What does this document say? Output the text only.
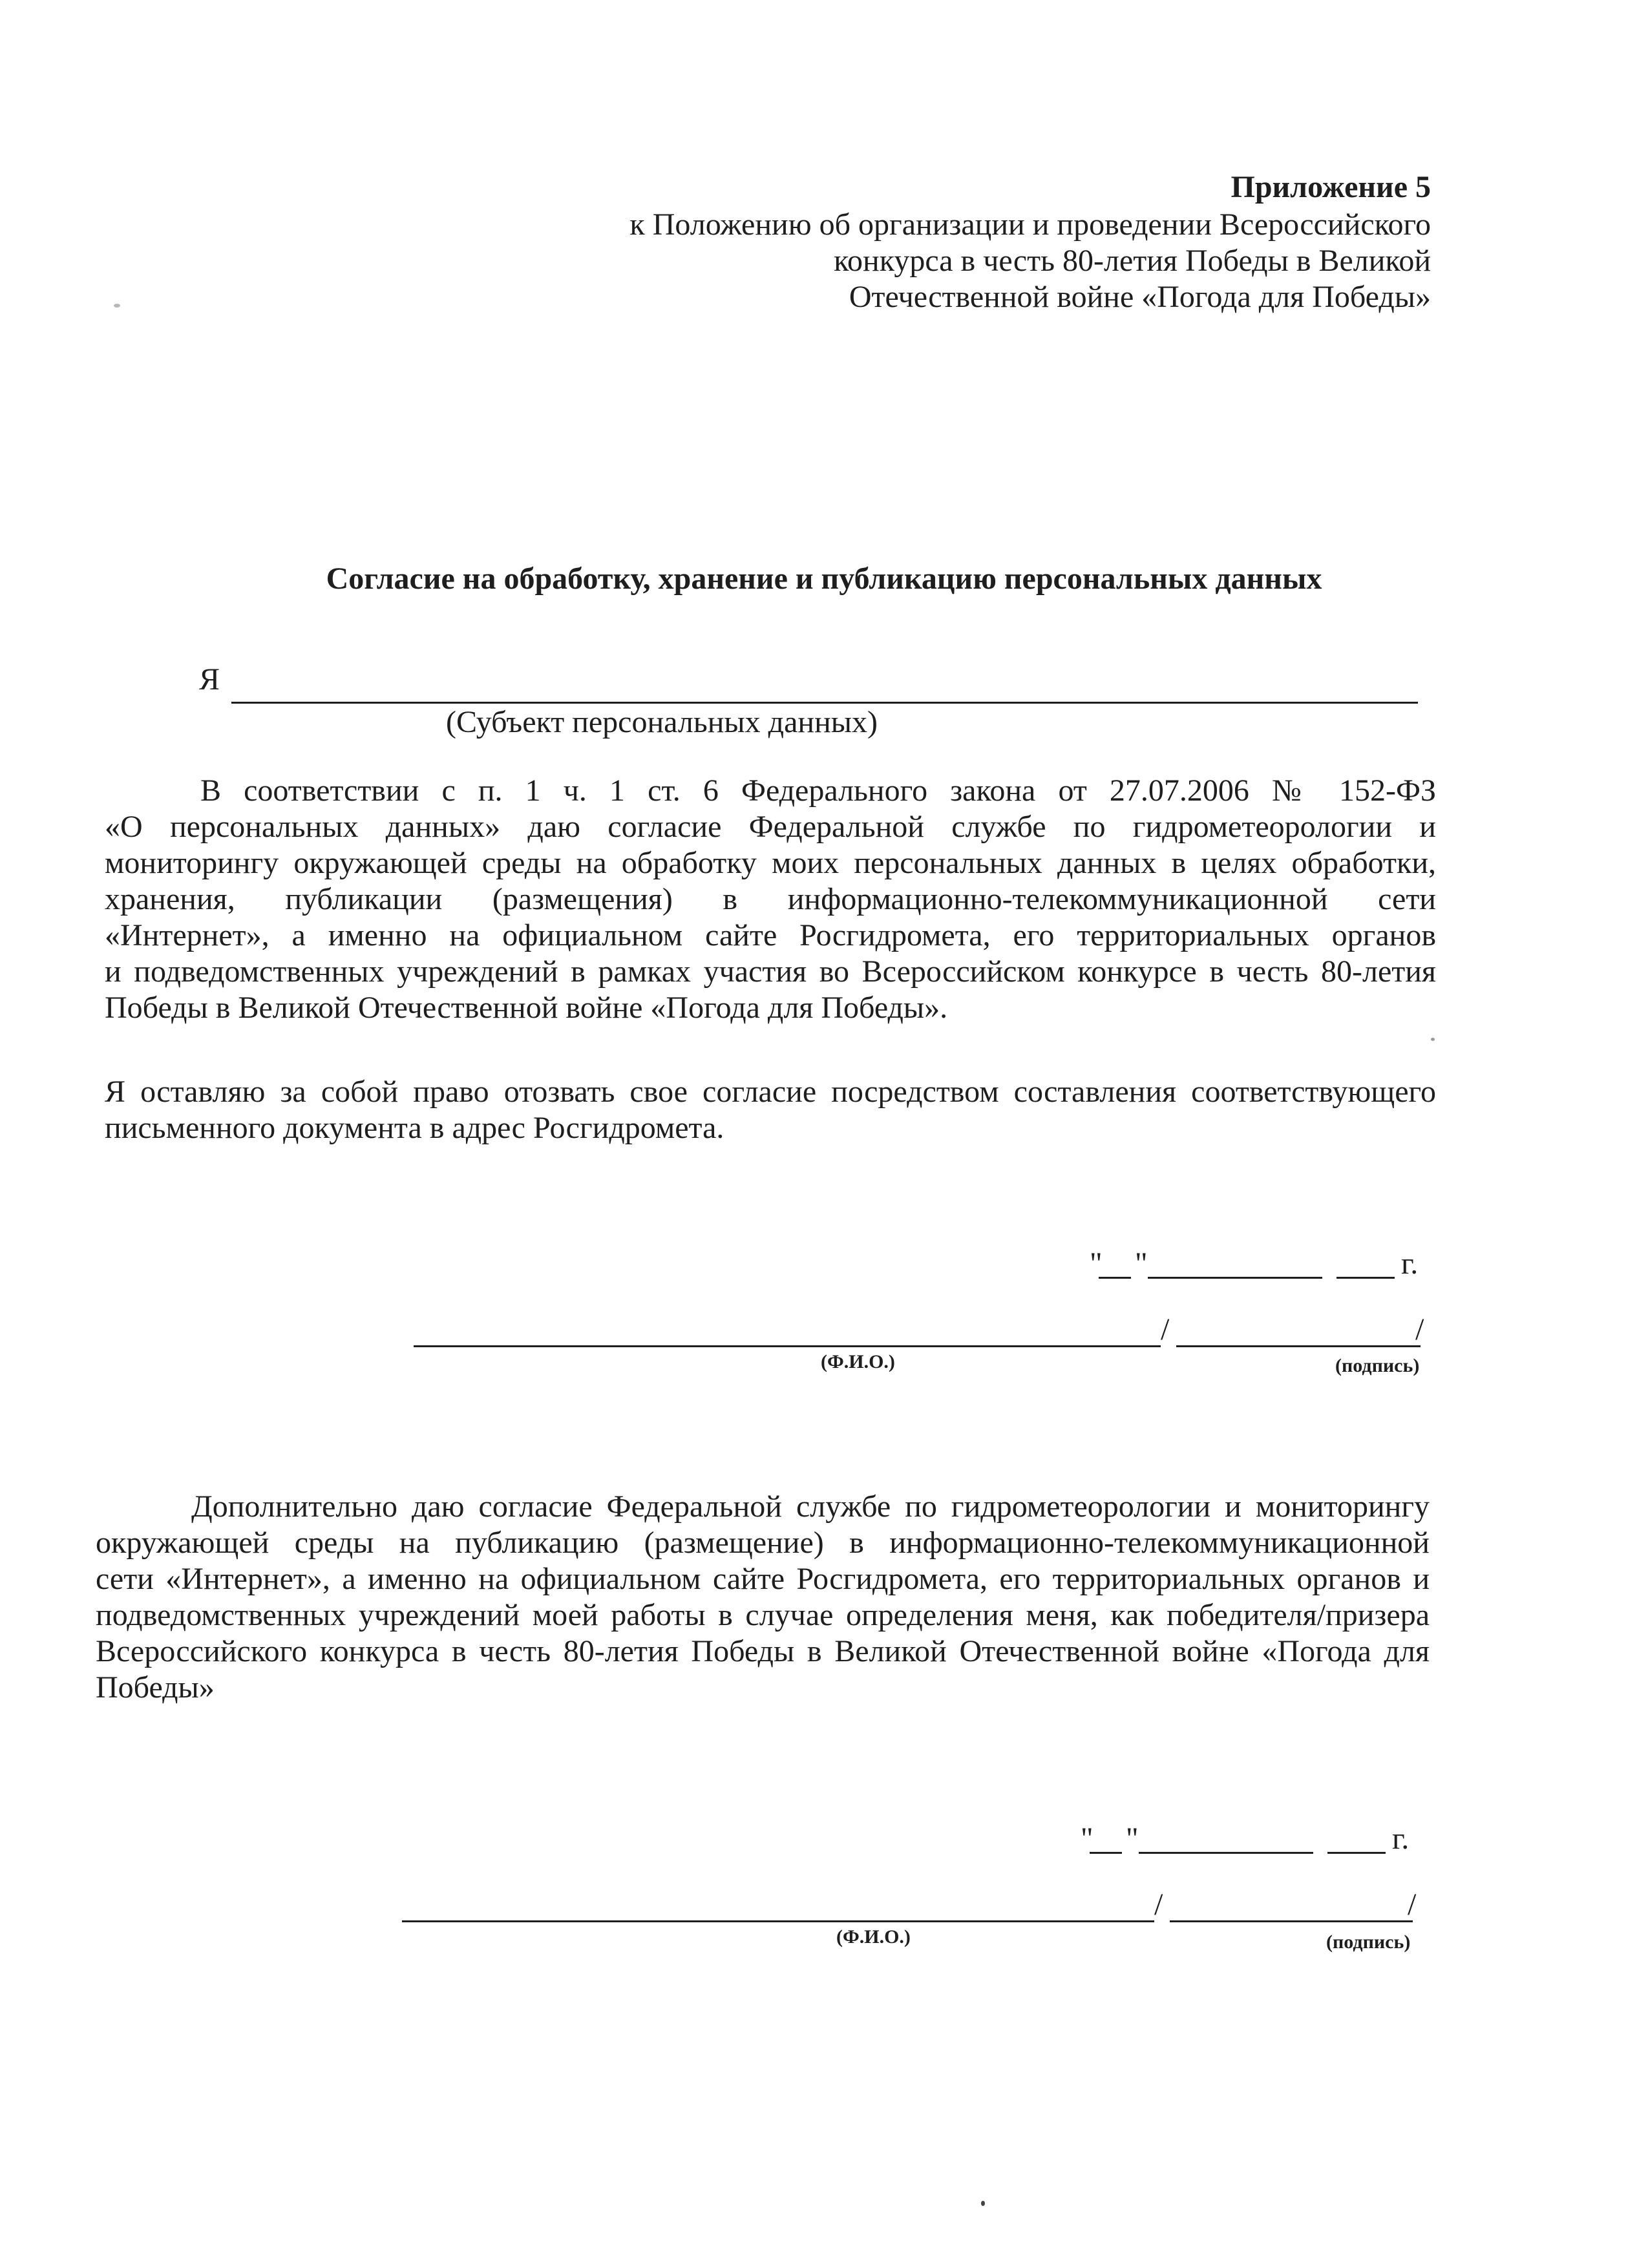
Приложение 5
к Положению об организации и проведении Всероссийского
конкурса в честь 80-летия Победы в Великой
Отечественной войне «Погода для Победы»
Согласие на обработку, хранение и публикацию персональных данных
Я
(Субъект персональных данных)
В соответствии с п. 1 ч. 1 ст. 6 Федерального закона от 27.07.2006 № 152-ФЗ
«О персональных данных» даю согласие Федеральной службе по гидрометеорологии и
мониторингу окружающей среды на обработку моих персональных данных в целях обработки,
хранения, публикации (размещения) в информационно-телекоммуникационной сети
«Интернет», а именно на официальном сайте Росгидромета, его территориальных органов
и подведомственных учреждений в рамках участия во Всероссийском конкурсе в честь 80-летия
Победы в Великой Отечественной войне «Погода для Победы».
Я оставляю за собой право отозвать свое согласие посредством составления соответствующего
письменного документа в адрес Росгидромета.
" "	г.
/	/
(Ф.И.О.)	(подпись)
Дополнительно даю согласие Федеральной службе по гидрометеорологии и мониторингу
окружающей среды на публикацию (размещение) в информационно-телекоммуникационной
сети «Интернет», а именно на официальном сайте Росгидромета, его территориальных органов и
подведомственных учреждений моей работы в случае определения меня, как победителя/призера
Всероссийского конкурса в честь 80-летия Победы в Великой Отечественной войне «Погода для
Победы»
" "	г.
/	/
(Ф.И.О.)	(подпись)
